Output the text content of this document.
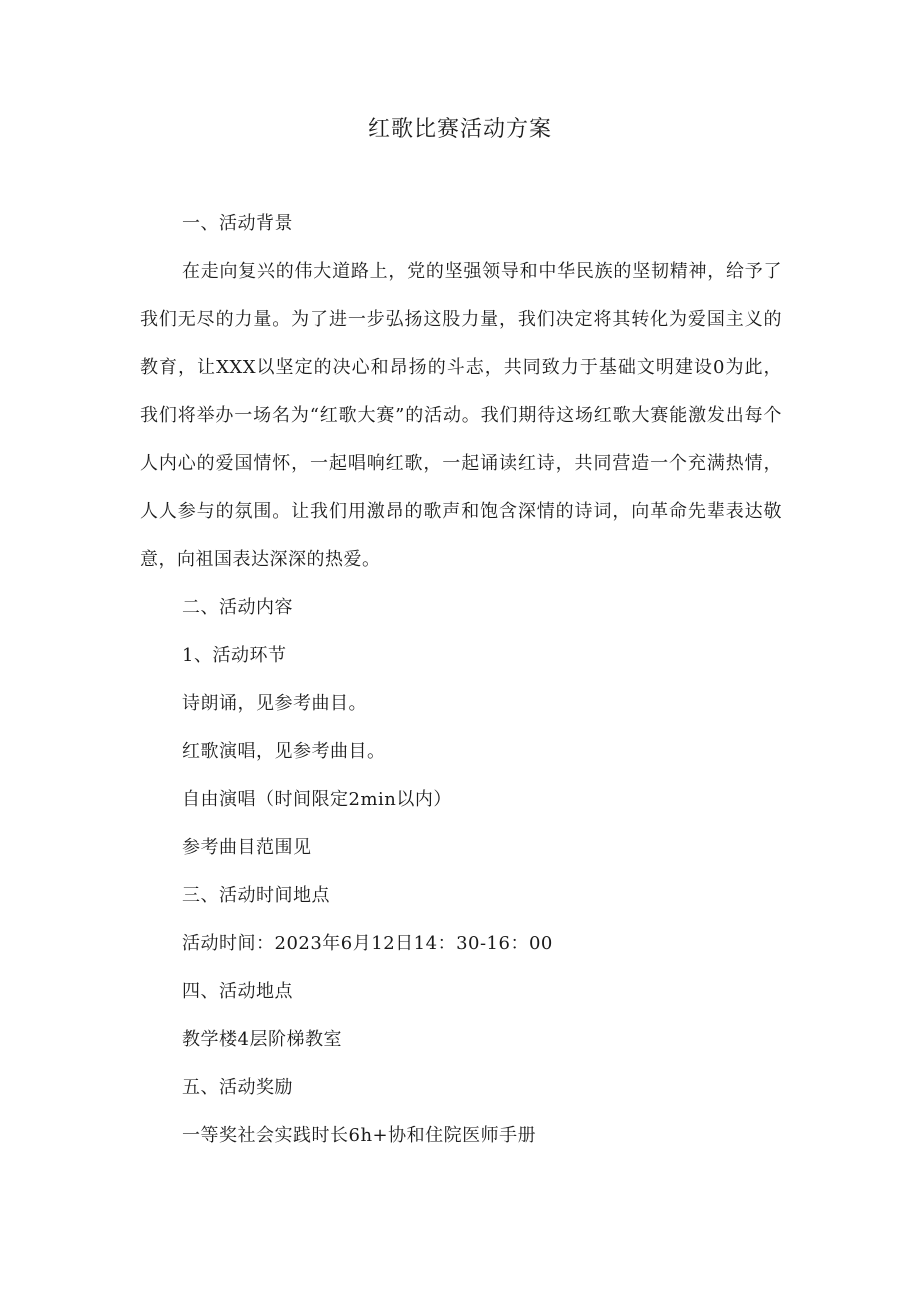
红歌比赛活动方案

一、活动背景

在走向复兴的伟大道路上，党的坚强领导和中华民族的坚韧精神，给予了我们无尽的力量。为了进一步弘扬这股力量，我们决定将其转化为爱国主义的教育，让XXX以坚定的决心和昂扬的斗志，共同致力于基础文明建设0为此，我们将举办一场名为“红歌大赛”的活动。我们期待这场红歌大赛能激发出每个人内心的爱国情怀，一起唱响红歌，一起诵读红诗，共同营造一个充满热情，人人参与的氛围。让我们用激昂的歌声和饱含深情的诗词，向革命先辈表达敬意，向祖国表达深深的热爱。

二、活动内容

1、活动环节

诗朗诵，见参考曲目。

红歌演唱，见参考曲目。

自由演唱（时间限定2min以内）

参考曲目范围见

三、活动时间地点

活动时间：2023年6月12日14：30-16：00

四、活动地点

教学楼4层阶梯教室

五、活动奖励

一等奖社会实践时长6h+协和住院医师手册
